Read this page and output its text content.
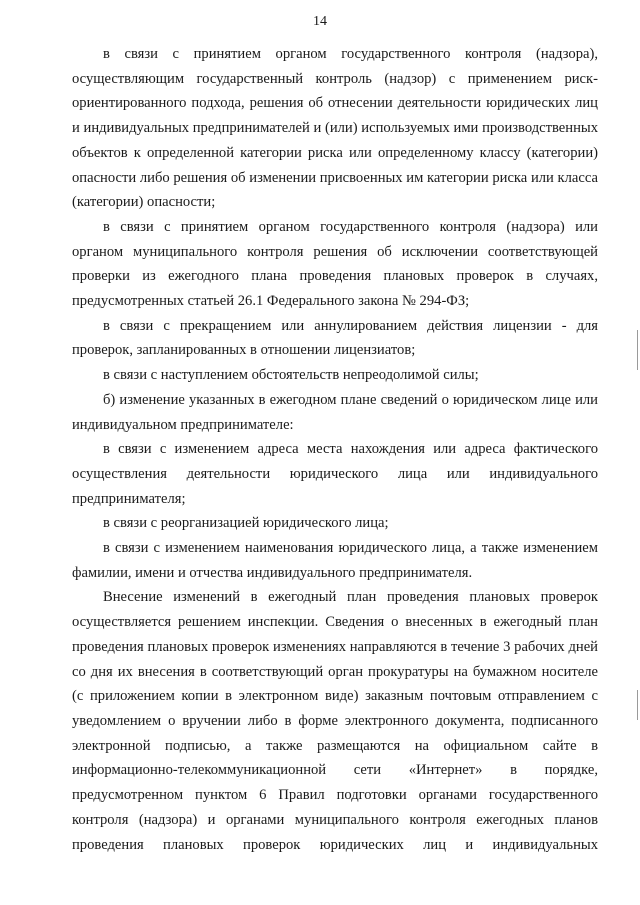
14

в связи с принятием органом государственного контроля (надзора), осуществляющим государственный контроль (надзор) с применением риск-ориентированного подхода, решения об отнесении деятельности юридических лиц и индивидуальных предпринимателей и (или) используемых ими производственных объектов к определенной категории риска или определенному классу (категории) опасности либо решения об изменении присвоенных им категории риска или класса (категории) опасности;

в связи с принятием органом государственного контроля (надзора) или органом муниципального контроля решения об исключении соответствующей проверки из ежегодного плана проведения плановых проверок в случаях, предусмотренных статьей 26.1 Федерального закона № 294-ФЗ;

в связи с прекращением или аннулированием действия лицензии - для проверок, запланированных в отношении лицензиатов;

в связи с наступлением обстоятельств непреодолимой силы;

б) изменение указанных в ежегодном плане сведений о юридическом лице или индивидуальном предпринимателе:

в связи с изменением адреса места нахождения или адреса фактического осуществления деятельности юридического лица или индивидуального предпринимателя;

в связи с реорганизацией юридического лица;

в связи с изменением наименования юридического лица, а также изменением фамилии, имени и отчества индивидуального предпринимателя.

Внесение изменений в ежегодный план проведения плановых проверок осуществляется решением инспекции. Сведения о внесенных в ежегодный план проведения плановых проверок изменениях направляются в течение 3 рабочих дней со дня их внесения в соответствующий орган прокуратуры на бумажном носителе (с приложением копии в электронном виде) заказным почтовым отправлением с уведомлением о вручении либо в форме электронного документа, подписанного электронной подписью, а также размещаются на официальном сайте в информационно-телекоммуникационной сети «Интернет» в порядке, предусмотренном пунктом 6 Правил подготовки органами государственного контроля (надзора) и органами муниципального контроля ежегодных планов проведения плановых проверок юридических лиц и индивидуальных
